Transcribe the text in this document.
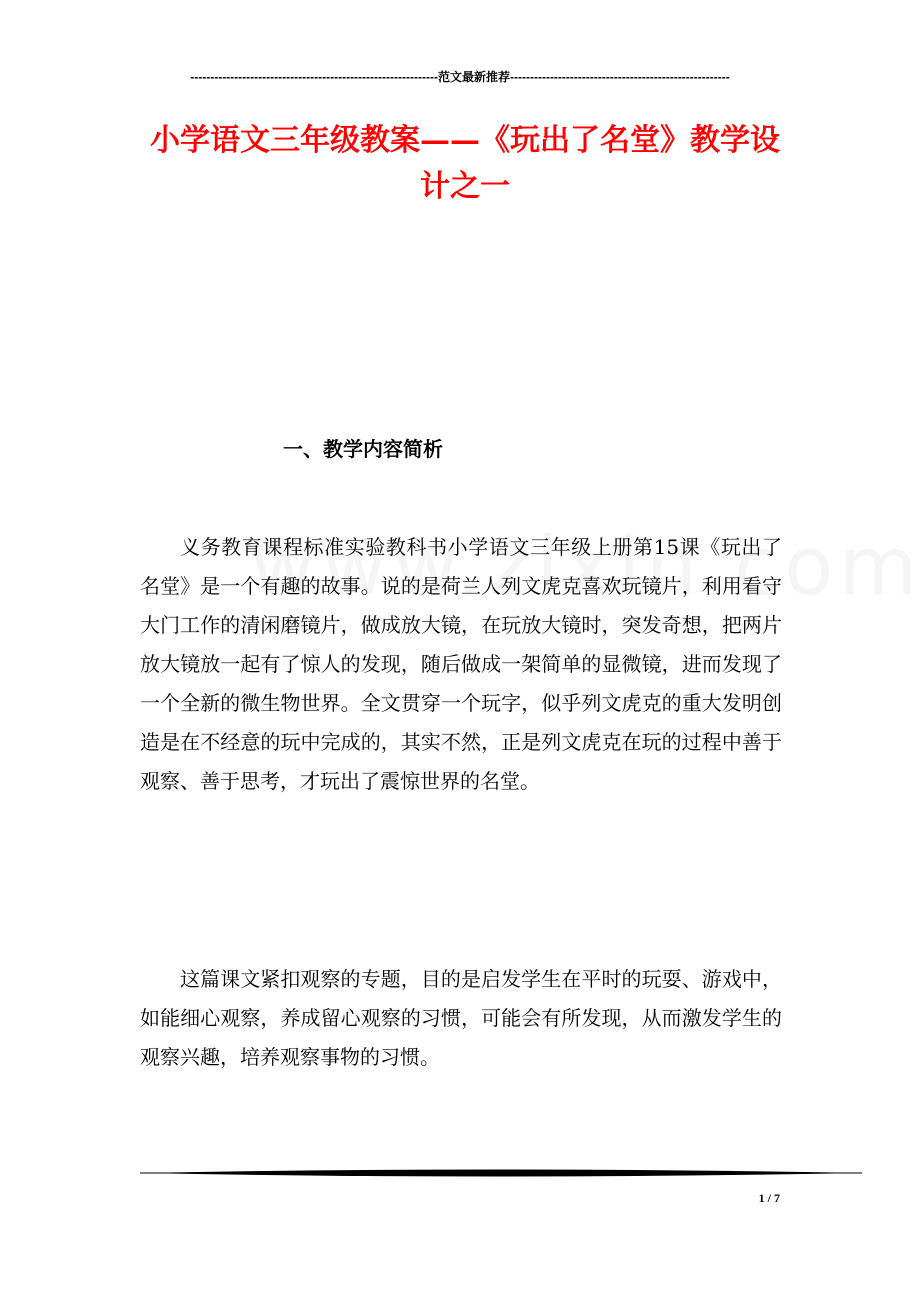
--------------------------------------------------------------范文最新推荐-------------------------------------------------------
小学语文三年级教案——《玩出了名堂》教学设计之一
一、教学内容简析

义务教育课程标准实验教科书小学语文三年级上册第15课《玩出了名堂》是一个有趣的故事。说的是荷兰人列文虎克喜欢玩镜片，利用看守大门工作的清闲磨镜片，做成放大镜，在玩放大镜时，突发奇想，把两片放大镜放一起有了惊人的发现，随后做成一架简单的显微镜，进而发现了一个全新的微生物世界。全文贯穿一个玩字，似乎列文虎克的重大发明创造是在不经意的玩中完成的，其实不然，正是列文虎克在玩的过程中善于观察、善于思考，才玩出了震惊世界的名堂。

这篇课文紧扣观察的专题，目的是启发学生在平时的玩耍、游戏中，如能细心观察，养成留心观察的习惯，可能会有所发现，从而激发学生的观察兴趣，培养观察事物的习惯。

1 / 7
